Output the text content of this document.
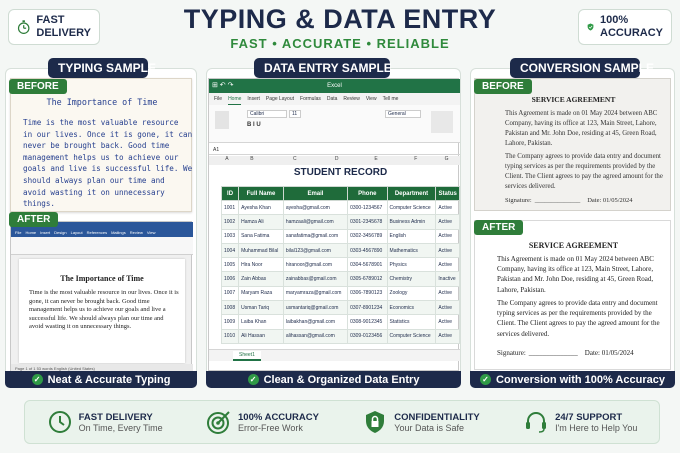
FAST
DELIVERY
100%
ACCURACY
TYPING & DATA ENTRY
FAST • ACCURATE • RELIABLE
TYPING SAMPLE
The Importance of Time
Time is the most valuable resource
in our lives. Once it is gone, it can
never be brought back. Good time
management helps us to achieve our
goals and live is successful life. We
should always plan our time and
avoid wasting it on unnecessary
things.
BEFORE
File Home Insert Design Layout References Mailings Review View
The Importance of Time
Time is the most valuable resource in our lives. Once it is gone, it can never be brought back. Good time management helps us to achieve our goals and live a successful life. We should always plan our time and avoid wasting it on unnecessary things.
Page 1 of 1 53 words English (United States)
AFTER
✓ Neat & Accurate Typing
DATA ENTRY SAMPLE
Excel
⊞ ↶ ↷
File Home Insert Page Layout Formulas Data Review View Tell me
Calibri	11
B I U
General
A1
A	B	C	D	E	F	G
STUDENT RECORD
ID	Full Name	Email	Phone	Department	Status
1001	Ayesha Khan	ayesha@gmail.com	0300-1234567	Computer Science	Active
1002	Hamza Ali	hamzaali@gmail.com	0301-2345678	Business Admin	Active
1003	Sana Fatima	sanafatima@gmail.com	0302-3456789	English	Active
1004	Muhammad Bilal	bilal123@gmail.com	0303-4567890	Mathematics	Active
1005	Hira Noor	hiranoor@gmail.com	0304-5678901	Physics	Active
1006	Zain Abbas	zainabbas@gmail.com	0305-6789012	Chemistry	Inactive
1007	Maryam Raza	maryamraza@gmail.com	0306-7890123	Zoology	Active
1008	Usman Tariq	usmantariq@gmail.com	0307-8901234	Economics	Active
1009	Laiba Khan	laibakhan@gmail.com	0308-9012345	Statistics	Active
1010	Ali Hassan	alihassan@gmail.com	0309-0123456	Computer Science	Active
Sheet1
✓ Clean & Organized Data Entry
CONVERSION SAMPLE
SERVICE AGREEMENT
This Agreement is made on 01 May 2024 between ABC Company, having its office at 123, Main Street, Lahore, Pakistan and Mr. John Doe, residing at 45, Green Road, Lahore, Pakistan.
The Company agrees to provide data entry and document typing services as per the requirements provided by the Client. The Client agrees to pay the agreed amount for the services delivered.
Signature: ______________ Date: 01/05/2024
BEFORE
SERVICE AGREEMENT
This Agreement is made on 01 May 2024 between ABC Company, having its office at 123, Main Street, Lahore, Pakistan and Mr. John Doe, residing at 45, Green Road, Lahore, Pakistan.
The Company agrees to provide data entry and document typing services as per the requirements provided by the Client. The Client agrees to pay the agreed amount for the services delivered.
Signature: ______________ Date: 01/05/2024
AFTER
✓ Conversion with 100% Accuracy
FAST DELIVERY
On Time, Every Time
100% ACCURACY
Error-Free Work
CONFIDENTIALITY
Your Data is Safe
24/7 SUPPORT
I'm Here to Help You
